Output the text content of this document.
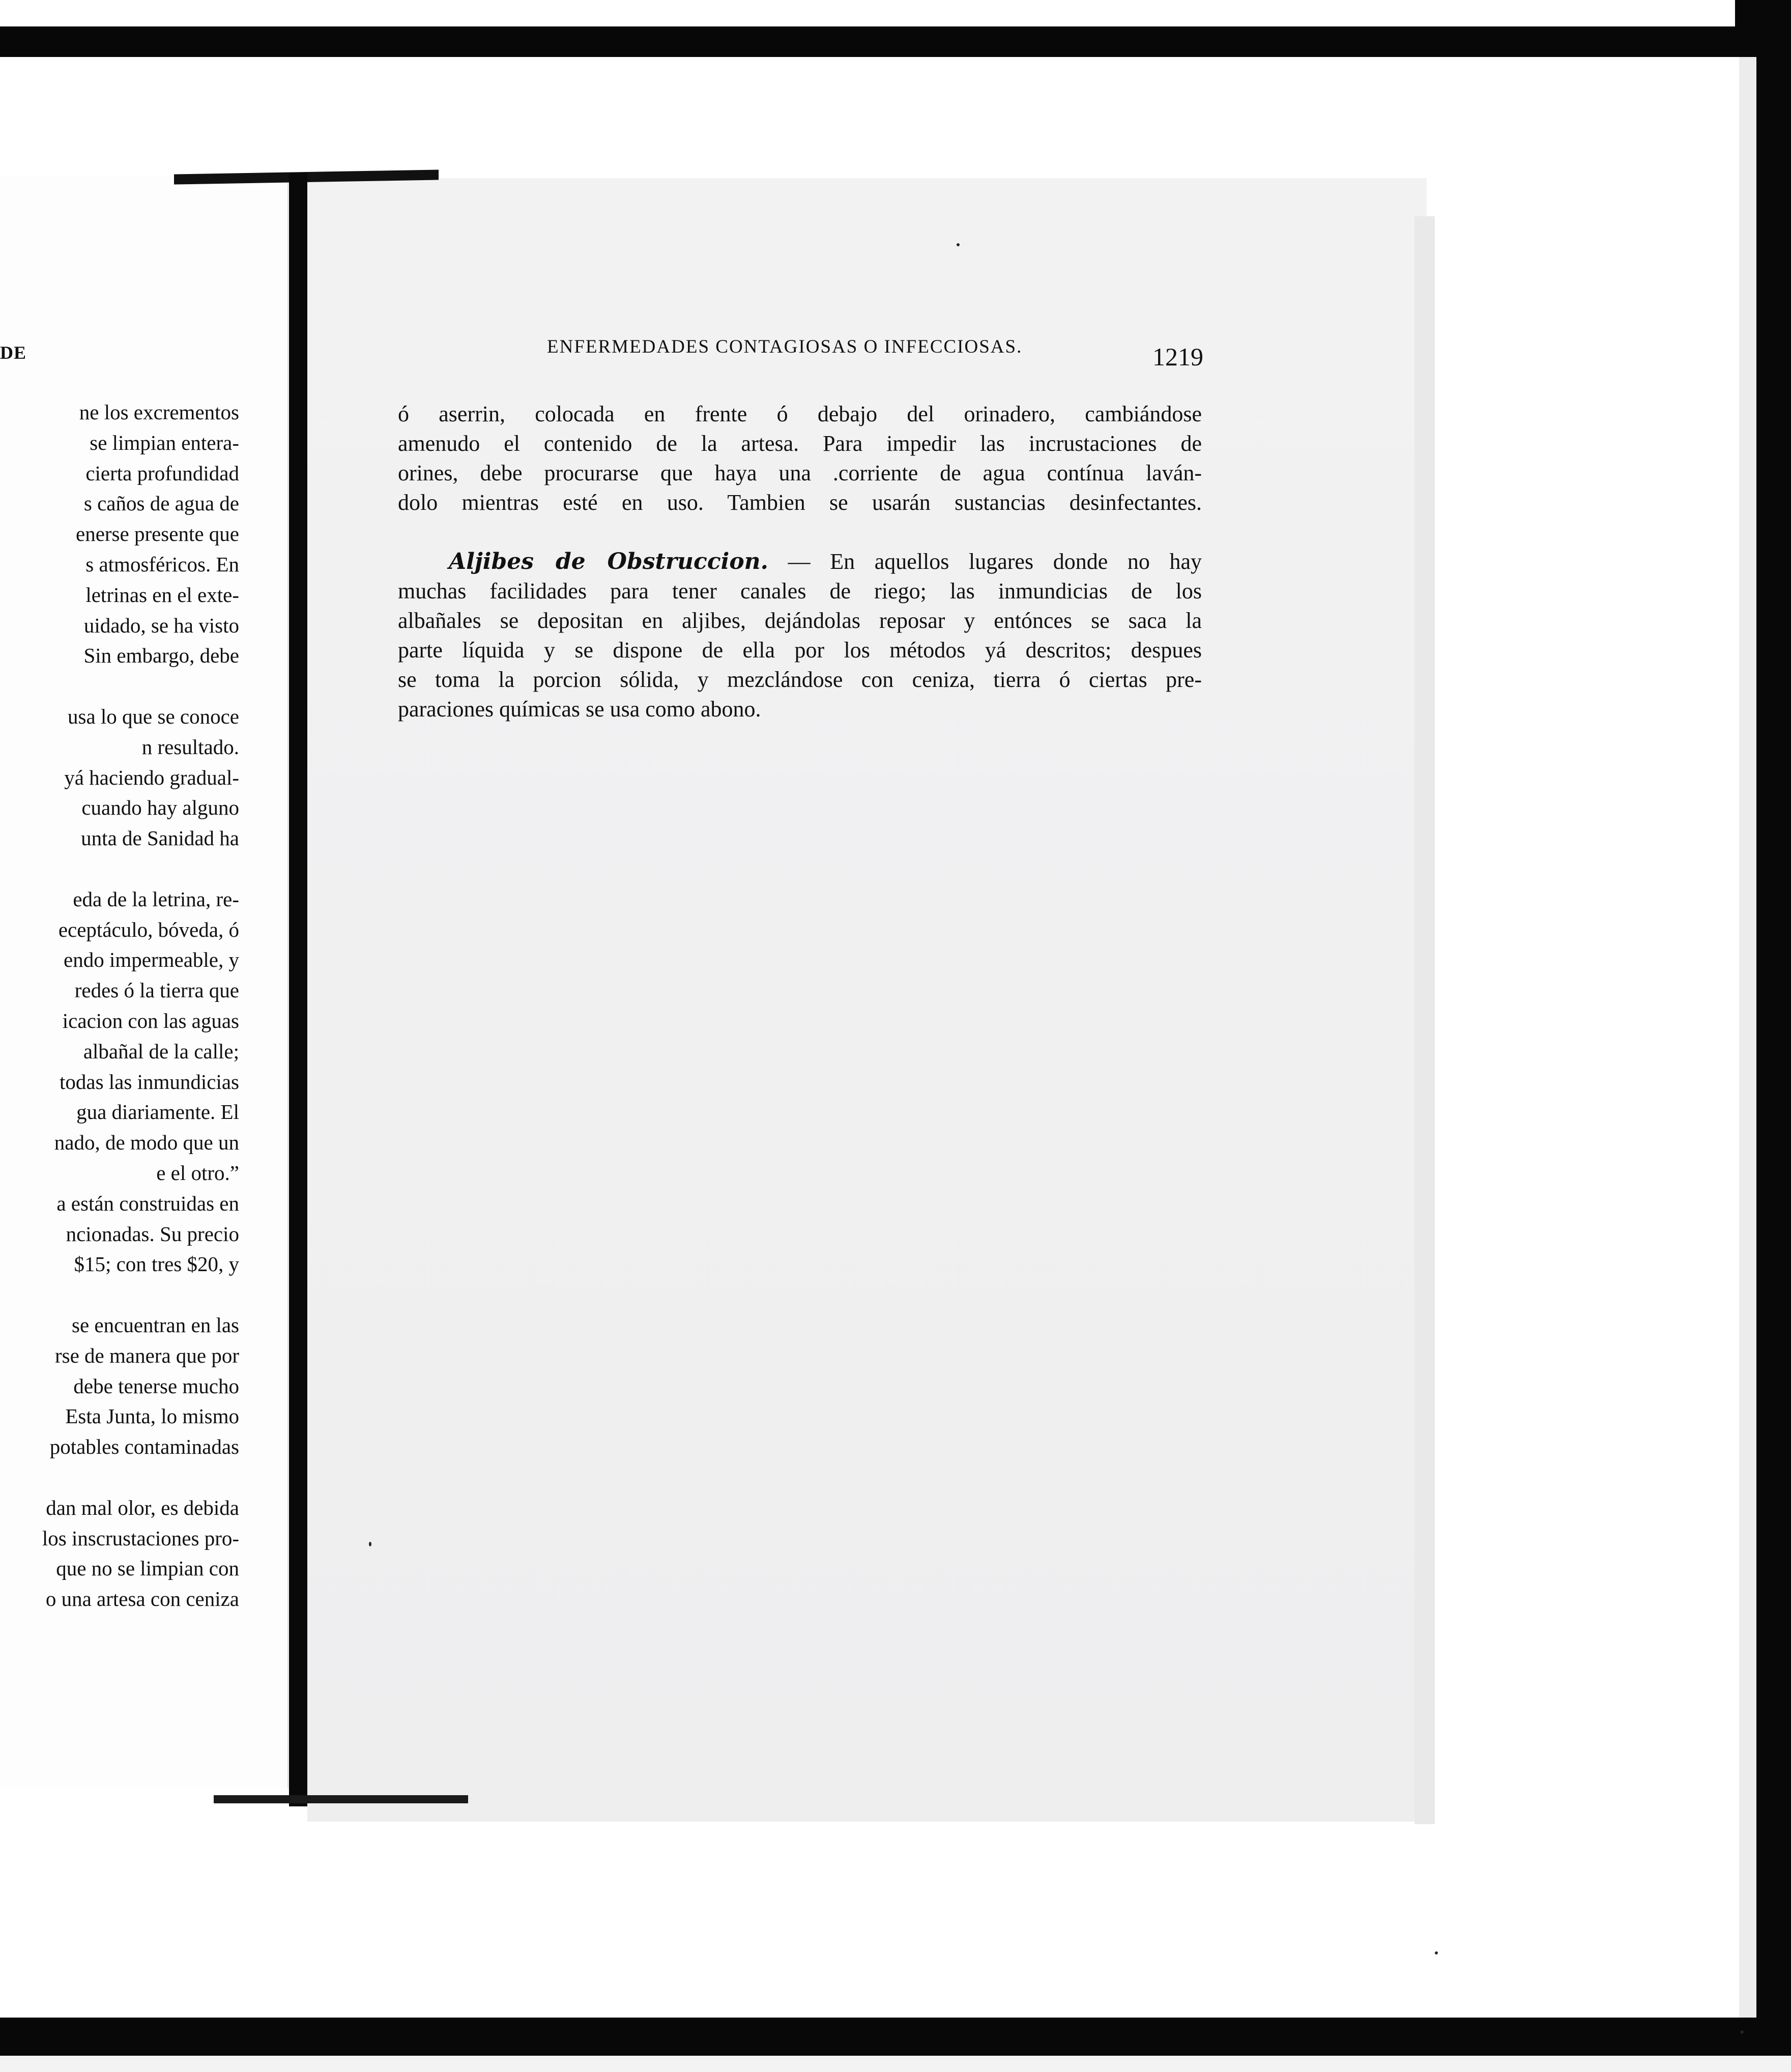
DE
ne los excrementos
se limpian entera-
cierta profundidad
s caños de agua de
enerse presente que
s atmosféricos. En
letrinas en el exte-
uidado, se ha visto
Sin embargo, debe
usa lo que se conoce
n resultado.
yá haciendo gradual-
cuando hay alguno
unta de Sanidad ha
eda de la letrina, re-
eceptáculo, bóveda, ó
endo impermeable, y
redes ó la tierra que
icacion con las aguas
albañal de la calle;
todas las inmundicias
gua diariamente. El
nado, de modo que un
e el otro.”
a están construidas en
ncionadas. Su precio
$15; con tres $20, y
se encuentran en las
rse de manera que por
debe tenerse mucho
Esta Junta, lo mismo
potables contaminadas
dan mal olor, es debida
los inscrustaciones pro-
que no se limpian con
o una artesa con ceniza
ENFERMEDADES CONTAGIOSAS O INFECCIOSAS.	1219
ó aserrin, colocada en frente ó debajo del orinadero, cambiándose
amenudo el contenido de la artesa. Para impedir las incrustaciones de
orines, debe procurarse que haya una .corriente de agua contínua laván-
dolo mientras esté en uso. Tambien se usarán sustancias desinfectantes.
Aljibes de Obstruccion. — En aquellos lugares donde no hay
muchas facilidades para tener canales de riego; las inmundicias de los
albañales se depositan en aljibes, dejándolas reposar y entónces se saca la
parte líquida y se dispone de ella por los métodos yá descritos; despues
se toma la porcion sólida, y mezclándose con ceniza, tierra ó ciertas pre-
paraciones químicas se usa como abono.
